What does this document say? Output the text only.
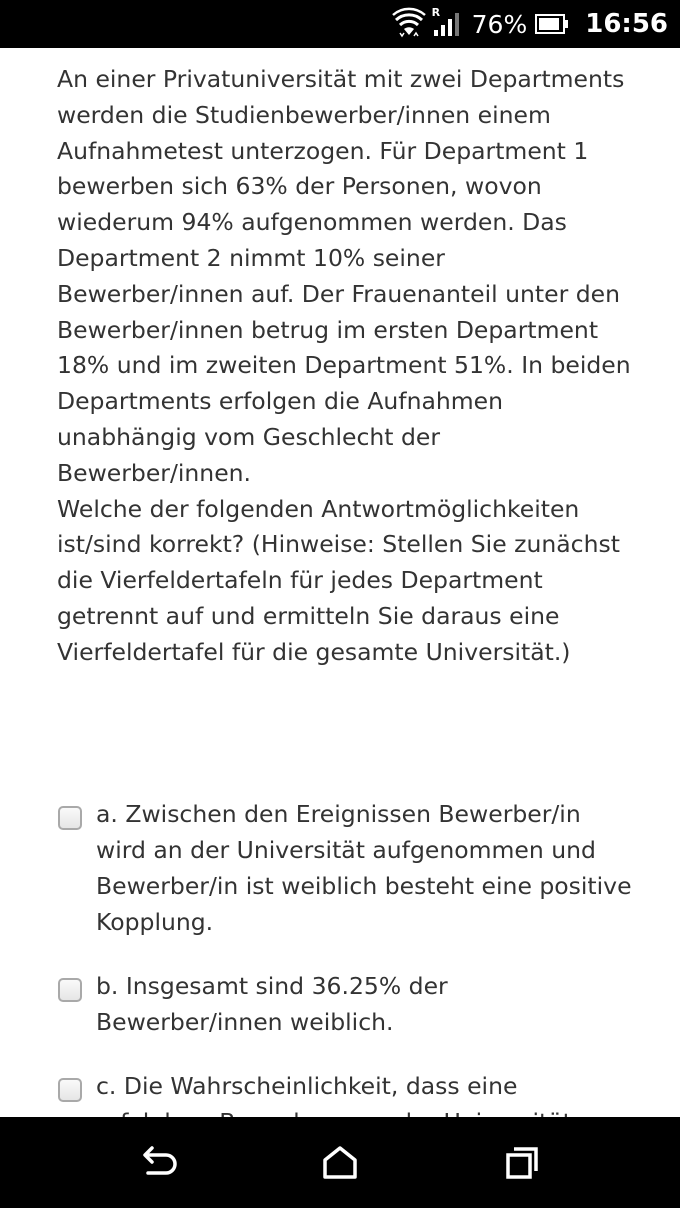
R 76% 16:56

An einer Privatuniversität mit zwei Departments werden die Studienbewerber/innen einem Aufnahmetest unterzogen. Für Department 1 bewerben sich 63% der Personen, wovon wiederum 94% aufgenommen werden. Das Department 2 nimmt 10% seiner Bewerber/innen auf. Der Frauenanteil unter den Bewerber/innen betrug im ersten Department 18% und im zweiten Department 51%. In beiden Departments erfolgen die Aufnahmen unabhängig vom Geschlecht der Bewerber/innen.

Welche der folgenden Antwortmöglichkeiten ist/sind korrekt? (Hinweise: Stellen Sie zunächst die Vierfeldertafeln für jedes Department getrennt auf und ermitteln Sie daraus eine Vierfeldertafel für die gesamte Universität.)

a. Zwischen den Ereignissen Bewerber/in wird an der Universität aufgenommen und Bewerber/in ist weiblich besteht eine positive Kopplung.
b. Insgesamt sind 36.25% der Bewerber/innen weiblich.
c. Die Wahrscheinlichkeit, dass eine
